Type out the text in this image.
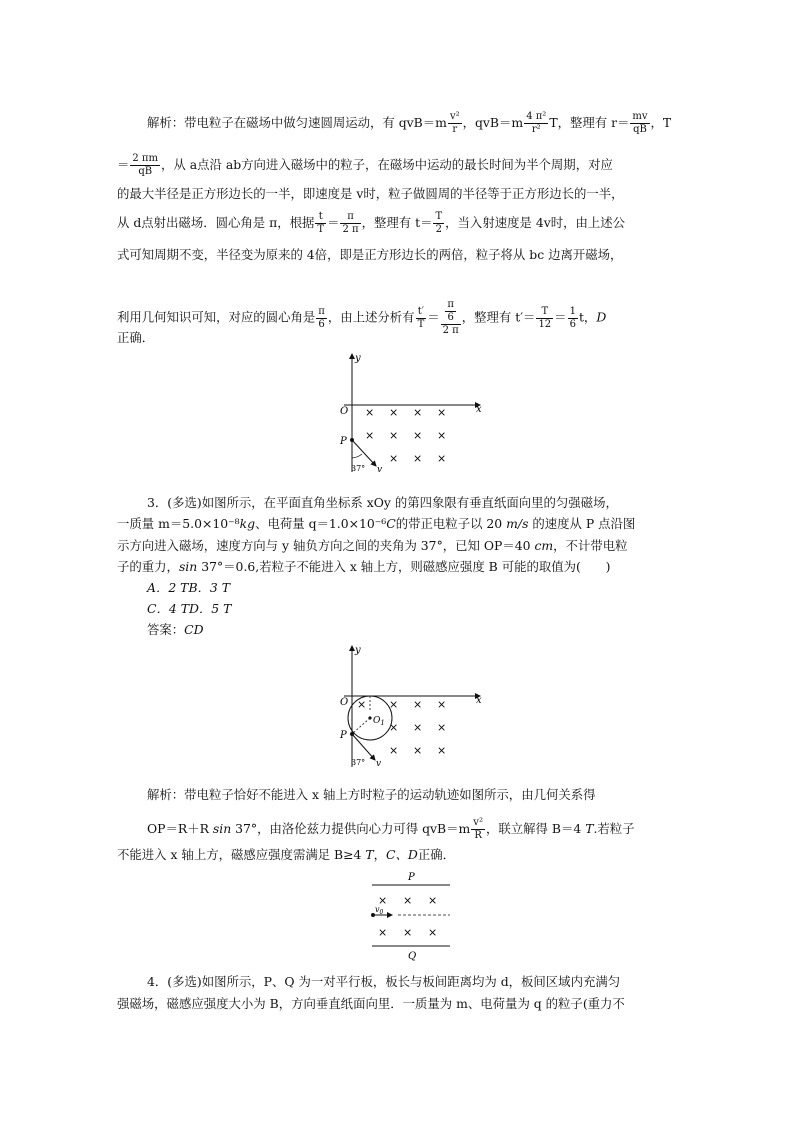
解析：带电粒子在磁场中做匀速圆周运动，有 $qvB=m \frac{\text{v²}}{r}$ ，$qvB=m \frac{\text{4 π²}}{\text{r²}}$ T，整理有 $r= \frac{mv}{qB}$ ，T
＝ $\frac{2 \pi m}{qB}$ ，从 a点沿 ab方向进入磁场中的粒子，在磁场中运动的最长时间为半个周期，对应
的最大半径是正方形边长的一半，即速度是 v时，粒子做圆周的半径等于正方形边长的一半，
从 d点射出磁场．圆心角是 π，根据 $\frac{t}{T} = \frac{\pi}{2 \pi}$ ，整理有 $t= \frac{T}{2}$ ，当入射速度是 4v时，由上述公
式可知周期不变，半径变为原来的 4倍，即是正方形边长的两倍，粒子将从 bc 边离开磁场，
利用几何知识可知，对应的圆心角是 $\frac{\pi}{6}$ ，由上述分析有 $\frac{t'}{T} = \frac{\frac{\pi}{6}}{2 \pi}$ ，整理有 $t'= \frac{T}{12} = \frac{1}{6}$ t，D
正确．
y
x
O
P
v
37°
× × × ×
× × × ×
× × ×
3．(多选)如图所示，在平面直角坐标系 xOy 的第四象限有垂直纸面向里的匀强磁场，
一质量 m＝5.0×10⁻⁸kg、电荷量 q＝1.0×10⁻⁶C的带正电粒子以 20 m/s 的速度从 P 点沿图
示方向进入磁场，速度方向与 y 轴负方向之间的夹角为 37°，已知 OP＝40 cm，不计带电粒
子的重力，sin 37°＝0.6,若粒子不能进入 x 轴上方，则磁感应强度 B 可能的取值为(　　)
A．2 TB．3 T
C．4 TD．5 T
答案：CD
y
x
O
$O_1$
P
v
37°
× × × ×
× × ×
× × ×
解析：带电粒子恰好不能进入 x 轴上方时粒子的运动轨迹如图所示，由几何关系得
OP＝R＋R sin 37°，由洛伦兹力提供向心力可得 $qvB=m \frac{\text{v²}}{R}$ ，联立解得 B＝4 T.若粒子
不能进入 x 轴上方，磁感应强度需满足 B≥4 T，C、D正确．
P
Q
$v_0$
× × ×
× × ×
4．(多选)如图所示，P、Q 为一对平行板，板长与板间距离均为 d，板间区域内充满匀
强磁场，磁感应强度大小为 B，方向垂直纸面向里．一质量为 m、电荷量为 q 的粒子(重力不
